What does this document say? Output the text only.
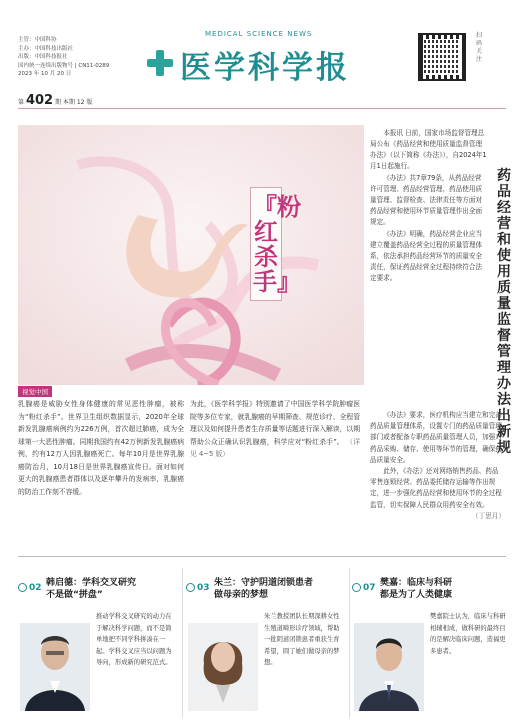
主管：中国科协
主办：中国科技出版社
出版：中国科技报社
国内统一连续出版物号 | CN11-0289
2023 年 10 月 20 日
第 402 期 本期 12 版
MEDICAL SCIENCE NEWS
医学科学报
扫码关注
『粉红杀手』
视觉中国
乳腺癌是威胁女性身体健康的常见恶性肿瘤，被称为“粉红杀手”。世界卫生组织数据显示，2020年全球新发乳腺癌病例约为226万例，首次超过肺癌，成为全球第一大恶性肿瘤。同期我国约有42万例新发乳腺癌病例，约有12万人因乳腺癌死亡。每年10月是世界乳腺癌防治月，10月18日是世界乳腺癌宣传日。面对如何更大的乳腺癌患者群体以及逐年攀升的发病率，乳腺癌的防治工作刻不容缓。
为此，《医学科学报》特别邀请了中国医学科学院肿瘤医院等多位专家，就乳腺癌的早期筛查、规范诊疗、全程管理以及如何提升患者生存质量等话题进行深入解读，以期帮助公众正确认识乳腺癌，科学应对“粉红杀手”。 （详见 4~5 版）

本报讯 日前，国家市场监督管理总局公布《药品经营和使用质量监督管理办法》（以下简称《办法》），自2024年1月1日起施行。

《办法》共7章79条，从药品经营许可管理、药品经营管理、药品使用质量管理、监督检查、法律责任等方面对药品经营和使用环节质量管理作出全面规定。

《办法》明确，药品经营企业应当建立覆盖药品经营全过程的质量管理体系，依法承担药品经营环节的质量安全责任，保证药品经营全过程持续符合法定要求。

药品经营和使用质量监督管理办法出新规

《办法》要求，医疗机构应当建立和完善药品质量管理体系，设置专门的药品质量管理部门或者配备专职药品质量管理人员，加强对药品采购、储存、使用等环节的管理，确保药品质量安全。

此外，《办法》还对网络销售药品、药品零售连锁经营、药品委托储存运输等作出规定，进一步强化药品经营和使用环节的全过程监管，切实保障人民群众用药安全有效。

（丁思月）
02 韩启德：学科交叉研究
不是做“拼盘”
推动学科交叉研究的动力在于解决科学问题，而不是简单地把不同学科拼凑在一起。学科交叉应当以问题为导向，形成新的研究范式。
03 朱兰：守护阴道闭锁患者
做母亲的梦想
朱兰教授团队长期深耕女性生殖道畸形诊疗领域，帮助一批阴道闭锁患者重获生育希望，圆了她们做母亲的梦想。
07 樊嘉：临床与科研
都是为了人类健康
樊嘉院士认为，临床与科研相辅相成，做科研的最终目的是解决临床问题，造福更多患者。
